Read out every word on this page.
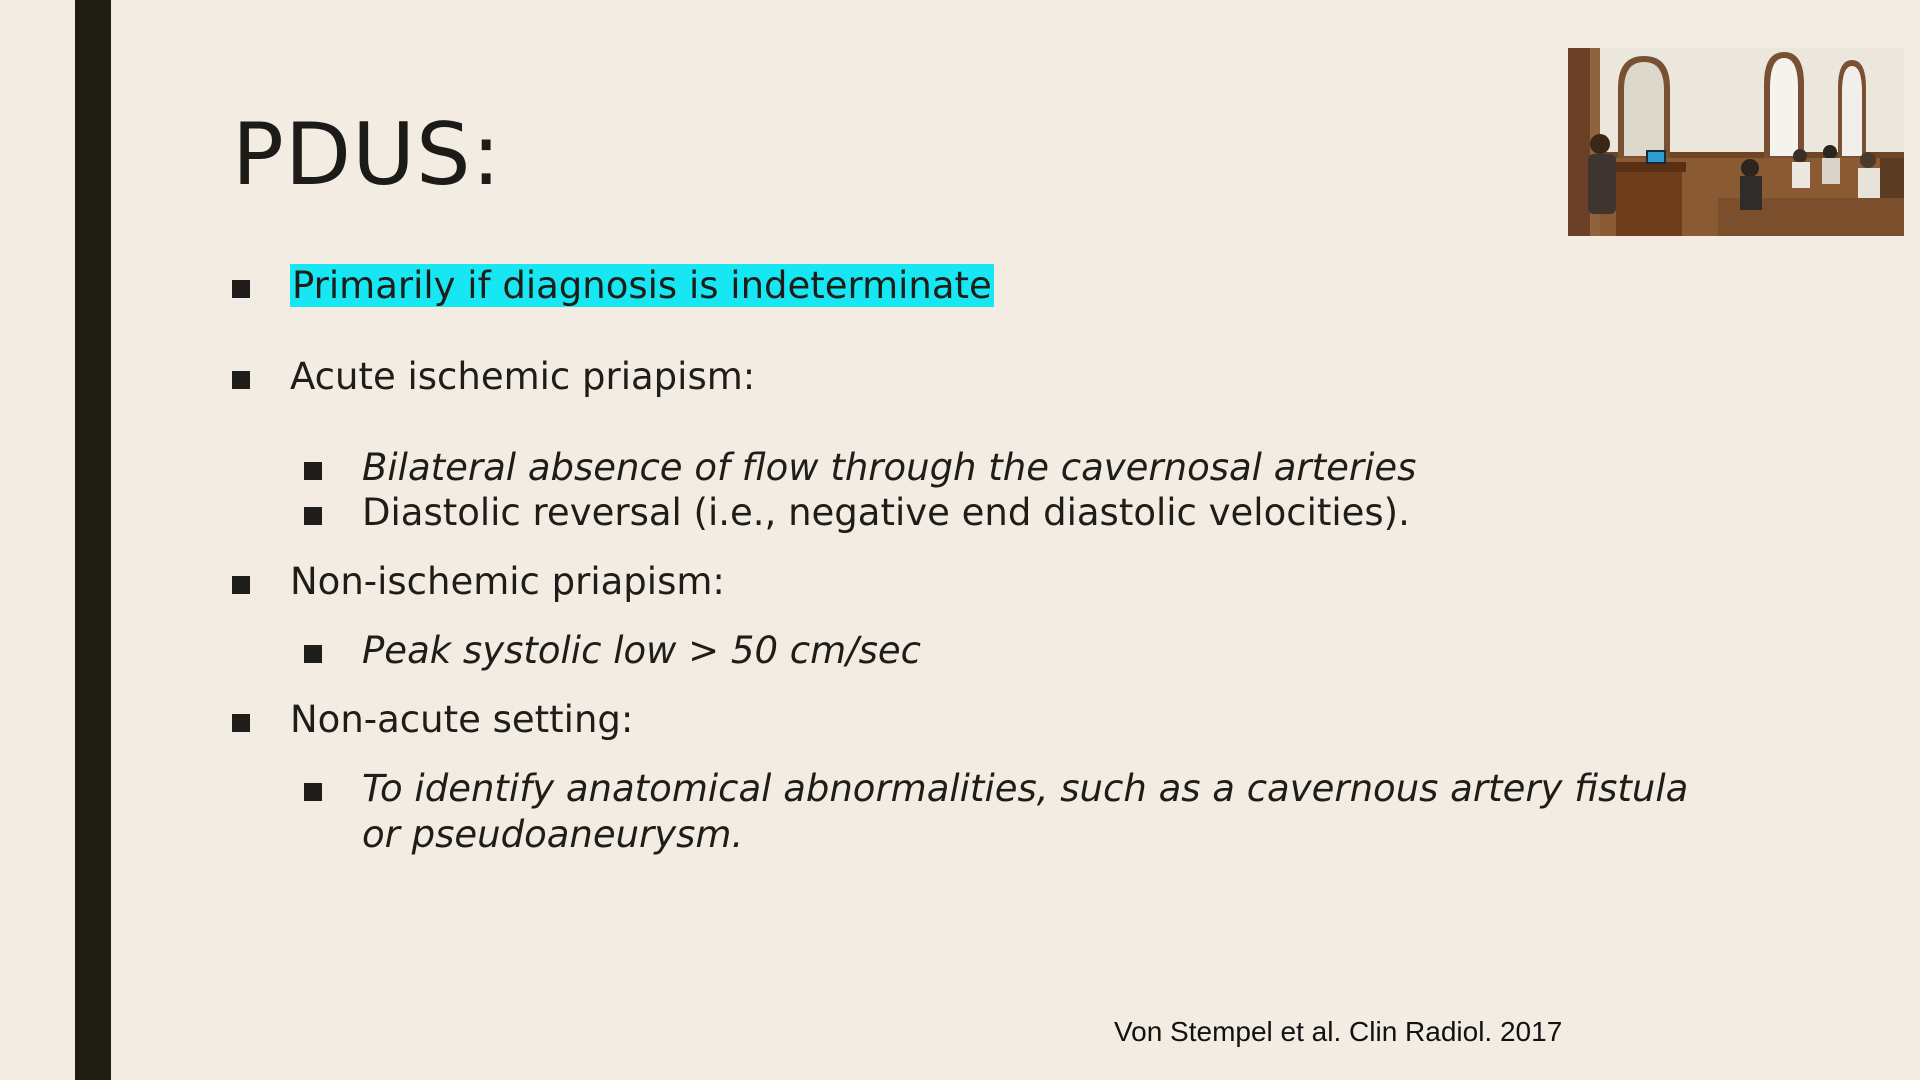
PDUS:
Primarily if diagnosis is indeterminate
Acute ischemic priapism:
Bilateral absence of flow through the cavernosal arteries
Diastolic reversal (i.e., negative end diastolic velocities).
Non-ischemic priapism:
Peak systolic low > 50 cm/sec
Non-acute setting:
To identify anatomical abnormalities, such as a cavernous artery fistula or pseudoaneurysm.
Von Stempel et al. Clin Radiol. 2017
